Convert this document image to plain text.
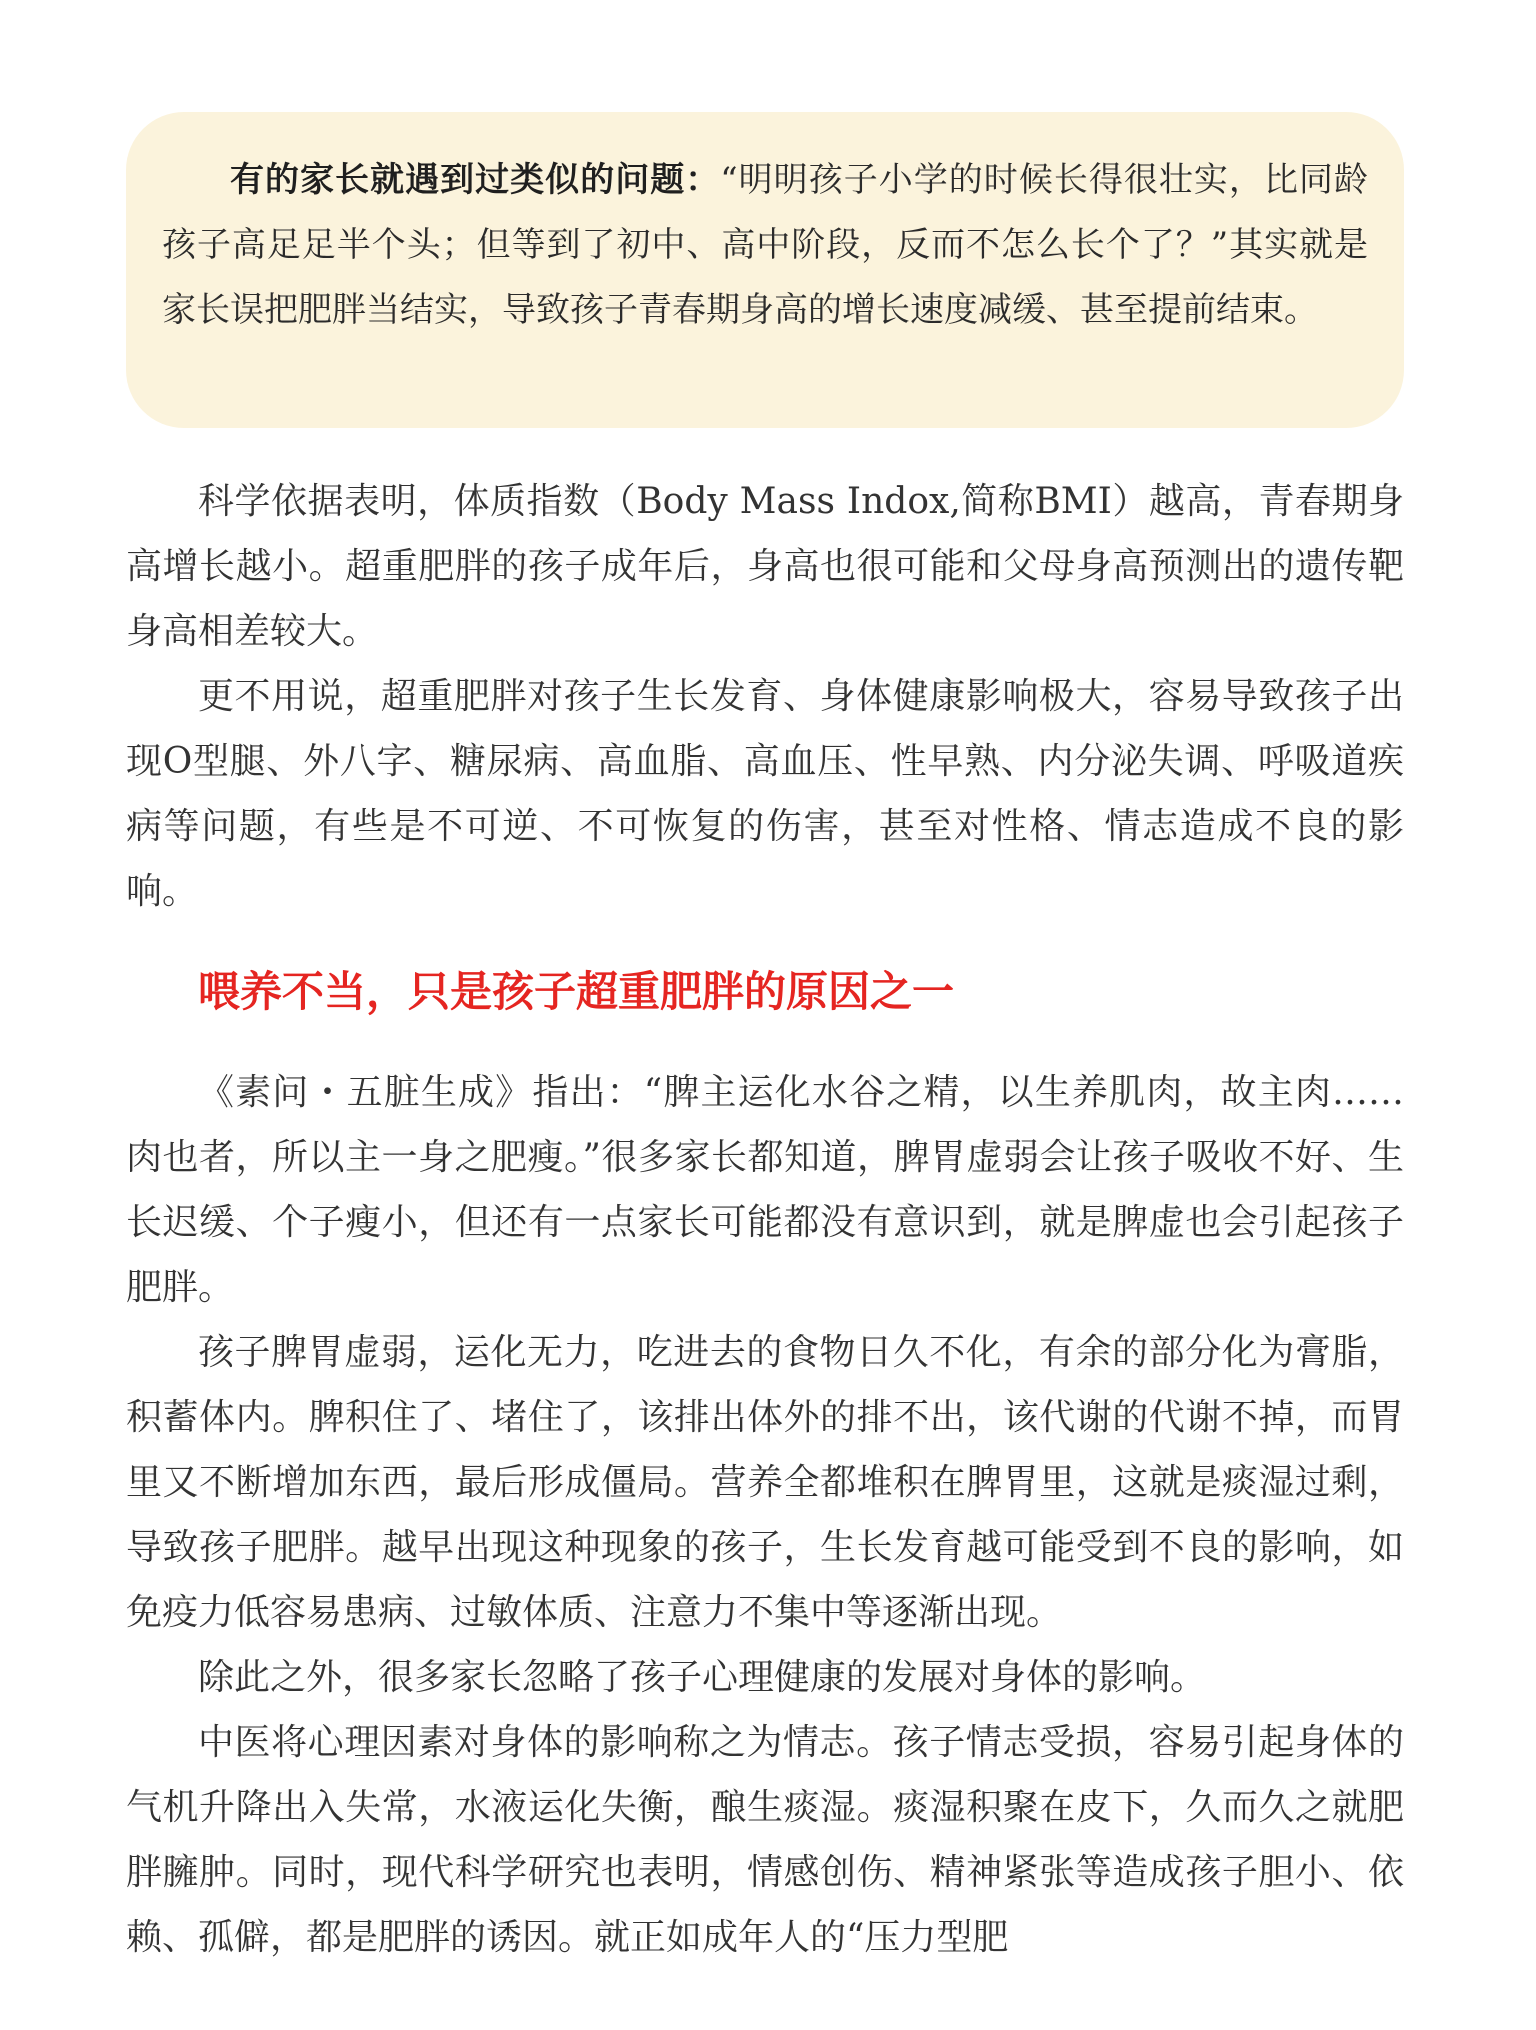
有的家长就遇到过类似的问题：“明明孩子小学的时候长得很壮实，比同龄孩子高足足半个头；但等到了初中、高中阶段，反而不怎么长个了？”其实就是家长误把肥胖当结实，导致孩子青春期身高的增长速度减缓、甚至提前结束。

科学依据表明，体质指数（Body Mass Indox,简称BMI）越高，青春期身高增长越小。超重肥胖的孩子成年后，身高也很可能和父母身高预测出的遗传靶身高相差较大。

更不用说，超重肥胖对孩子生长发育、身体健康影响极大，容易导致孩子出现O型腿、外八字、糖尿病、高血脂、高血压、性早熟、内分泌失调、呼吸道疾病等问题，有些是不可逆、不可恢复的伤害，甚至对性格、情志造成不良的影响。

喂养不当，只是孩子超重肥胖的原因之一

《素问・五脏生成》指出：“脾主运化水谷之精，以生养肌肉，故主肉……肉也者，所以主一身之肥瘦。”很多家长都知道，脾胃虚弱会让孩子吸收不好、生长迟缓、个子瘦小，但还有一点家长可能都没有意识到，就是脾虚也会引起孩子肥胖。

孩子脾胃虚弱，运化无力，吃进去的食物日久不化，有余的部分化为膏脂，积蓄体内。脾积住了、堵住了，该排出体外的排不出，该代谢的代谢不掉，而胃里又不断增加东西，最后形成僵局。营养全都堆积在脾胃里，这就是痰湿过剩，导致孩子肥胖。越早出现这种现象的孩子，生长发育越可能受到不良的影响，如免疫力低容易患病、过敏体质、注意力不集中等逐渐出现。

除此之外，很多家长忽略了孩子心理健康的发展对身体的影响。

中医将心理因素对身体的影响称之为情志。孩子情志受损，容易引起身体的气机升降出入失常，水液运化失衡，酿生痰湿。痰湿积聚在皮下，久而久之就肥胖臃肿。同时，现代科学研究也表明，情感创伤、精神紧张等造成孩子胆小、依赖、孤僻，都是肥胖的诱因。就正如成年人的“压力型肥
